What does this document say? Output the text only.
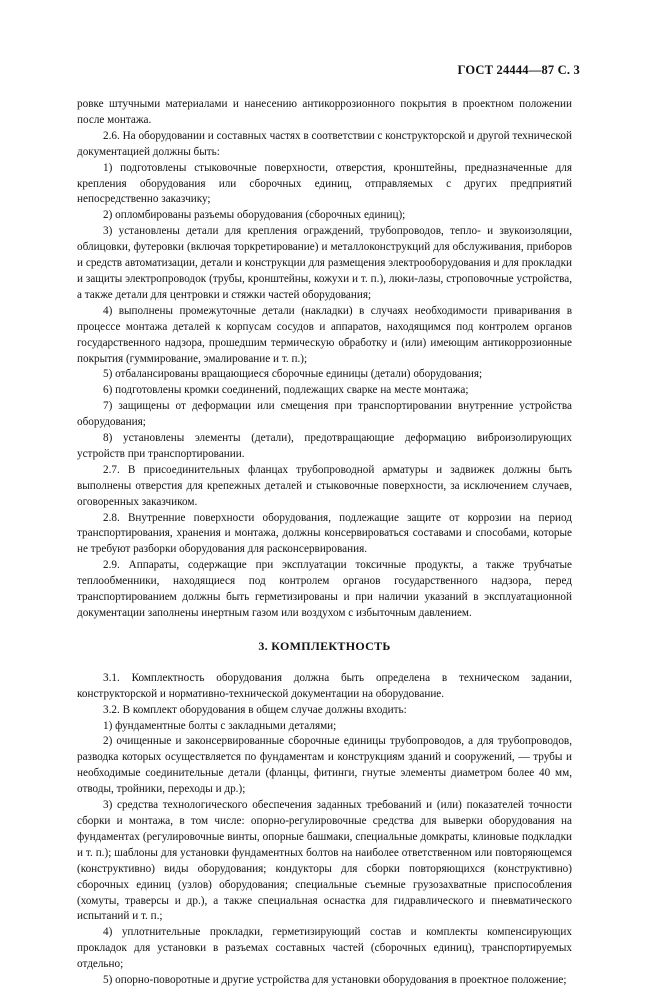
ГОСТ 24444—87 С. 3

ровке штучными материалами и нанесению антикоррозионного покрытия в проектном положении после монтажа.

2.6. На оборудовании и составных частях в соответствии с конструкторской и другой технической документацией должны быть:

1) подготовлены стыковочные поверхности, отверстия, кронштейны, предназначенные для крепления оборудования или сборочных единиц, отправляемых с других предприятий непосредственно заказчику;

2) опломбированы разъемы оборудования (сборочных единиц);

3) установлены детали для крепления ограждений, трубопроводов, тепло- и звукоизоляции, облицовки, футеровки (включая торкретирование) и металлоконструкций для обслуживания, приборов и средств автоматизации, детали и конструкции для размещения электрооборудования и для прокладки и защиты электропроводок (трубы, кронштейны, кожухи и т. п.), люки-лазы, строповочные устройства, а также детали для центровки и стяжки частей оборудования;

4) выполнены промежуточные детали (накладки) в случаях необходимости приваривания в процессе монтажа деталей к корпусам сосудов и аппаратов, находящимся под контролем органов государственного надзора, прошедшим термическую обработку и (или) имеющим антикоррозионные покрытия (гуммирование, эмалирование и т. п.);

5) отбалансированы вращающиеся сборочные единицы (детали) оборудования;

6) подготовлены кромки соединений, подлежащих сварке на месте монтажа;

7) защищены от деформации или смещения при транспортировании внутренние устройства оборудования;

8) установлены элементы (детали), предотвращающие деформацию виброизолирующих устройств при транспортировании.

2.7. В присоединительных фланцах трубопроводной арматуры и задвижек должны быть выполнены отверстия для крепежных деталей и стыковочные поверхности, за исключением случаев, оговоренных заказчиком.

2.8. Внутренние поверхности оборудования, подлежащие защите от коррозии на период транспортирования, хранения и монтажа, должны консервироваться составами и способами, которые не требуют разборки оборудования для расконсервирования.

2.9. Аппараты, содержащие при эксплуатации токсичные продукты, а также трубчатые теплообменники, находящиеся под контролем органов государственного надзора, перед транспортированием должны быть герметизированы и при наличии указаний в эксплуатационной документации заполнены инертным газом или воздухом с избыточным давлением.

3. КОМПЛЕКТНОСТЬ

3.1. Комплектность оборудования должна быть определена в техническом задании, конструкторской и нормативно-технической документации на оборудование.

3.2. В комплект оборудования в общем случае должны входить:

1) фундаментные болты с закладными деталями;

2) очищенные и законсервированные сборочные единицы трубопроводов, а для трубопроводов, разводка которых осуществляется по фундаментам и конструкциям зданий и сооружений, — трубы и необходимые соединительные детали (фланцы, фитинги, гнутые элементы диаметром более 40 мм, отводы, тройники, переходы и др.);

3) средства технологического обеспечения заданных требований и (или) показателей точности сборки и монтажа, в том числе: опорно-регулировочные средства для выверки оборудования на фундаментах (регулировочные винты, опорные башмаки, специальные домкраты, клиновые подкладки и т. п.); шаблоны для установки фундаментных болтов на наиболее ответственном или повторяющемся (конструктивно) виды оборудования; кондукторы для сборки повторяющихся (конструктивно) сборочных единиц (узлов) оборудования; специальные съемные грузозахватные приспособления (хомуты, траверсы и др.), а также специальная оснастка для гидравлического и пневматического испытаний и т. п.;

4) уплотнительные прокладки, герметизирующий состав и комплекты компенсирующих прокладок для установки в разъемах составных частей (сборочных единиц), транспортируемых отдельно;

5) опорно-поворотные и другие устройства для установки оборудования в проектное положение;
